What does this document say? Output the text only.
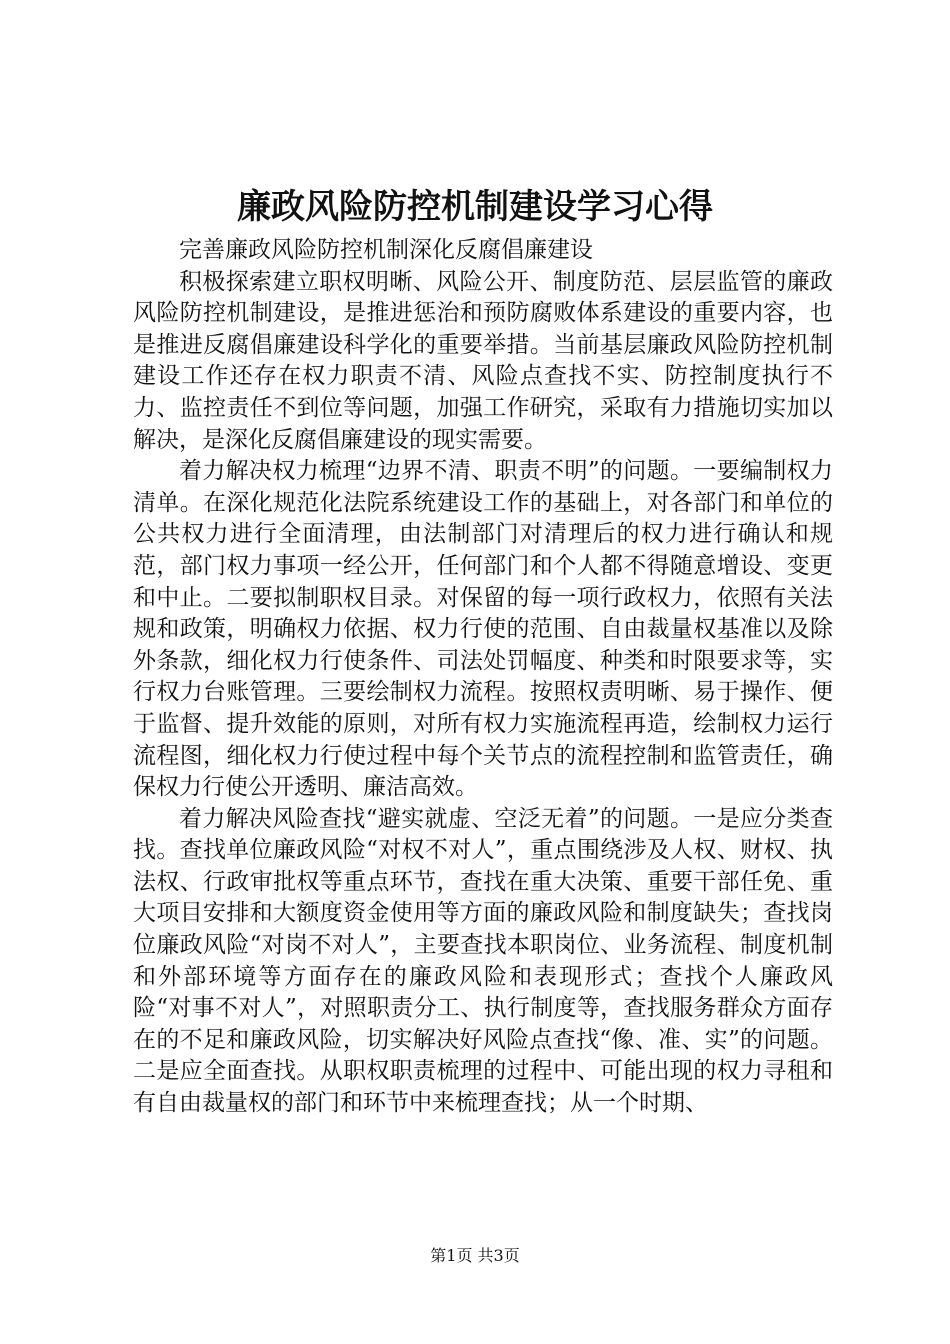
廉政风险防控机制建设学习心得

完善廉政风险防控机制深化反腐倡廉建设

积极探索建立职权明晰、风险公开、制度防范、层层监管的廉政风险防控机制建设，是推进惩治和预防腐败体系建设的重要内容，也是推进反腐倡廉建设科学化的重要举措。当前基层廉政风险防控机制建设工作还存在权力职责不清、风险点查找不实、防控制度执行不力、监控责任不到位等问题，加强工作研究，采取有力措施切实加以解决，是深化反腐倡廉建设的现实需要。

着力解决权力梳理“边界不清、职责不明”的问题。一要编制权力清单。在深化规范化法院系统建设工作的基础上，对各部门和单位的公共权力进行全面清理，由法制部门对清理后的权力进行确认和规范，部门权力事项一经公开，任何部门和个人都不得随意增设、变更和中止。二要拟制职权目录。对保留的每一项行政权力，依照有关法规和政策，明确权力依据、权力行使的范围、自由裁量权基准以及除外条款，细化权力行使条件、司法处罚幅度、种类和时限要求等，实行权力台账管理。三要绘制权力流程。按照权责明晰、易于操作、便于监督、提升效能的原则，对所有权力实施流程再造，绘制权力运行流程图，细化权力行使过程中每个关节点的流程控制和监管责任，确保权力行使公开透明、廉洁高效。

着力解决风险查找“避实就虚、空泛无着”的问题。一是应分类查找。查找单位廉政风险“对权不对人”，重点围绕涉及人权、财权、执法权、行政审批权等重点环节，查找在重大决策、重要干部任免、重大项目安排和大额度资金使用等方面的廉政风险和制度缺失；查找岗位廉政风险“对岗不对人”，主要查找本职岗位、业务流程、制度机制和外部环境等方面存在的廉政风险和表现形式；查找个人廉政风险“对事不对人”，对照职责分工、执行制度等，查找服务群众方面存在的不足和廉政风险，切实解决好风险点查找“像、准、实”的问题。二是应全面查找。从职权职责梳理的过程中、可能出现的权力寻租和有自由裁量权的部门和环节中来梳理查找；从一个时期、

第1页 共3页
